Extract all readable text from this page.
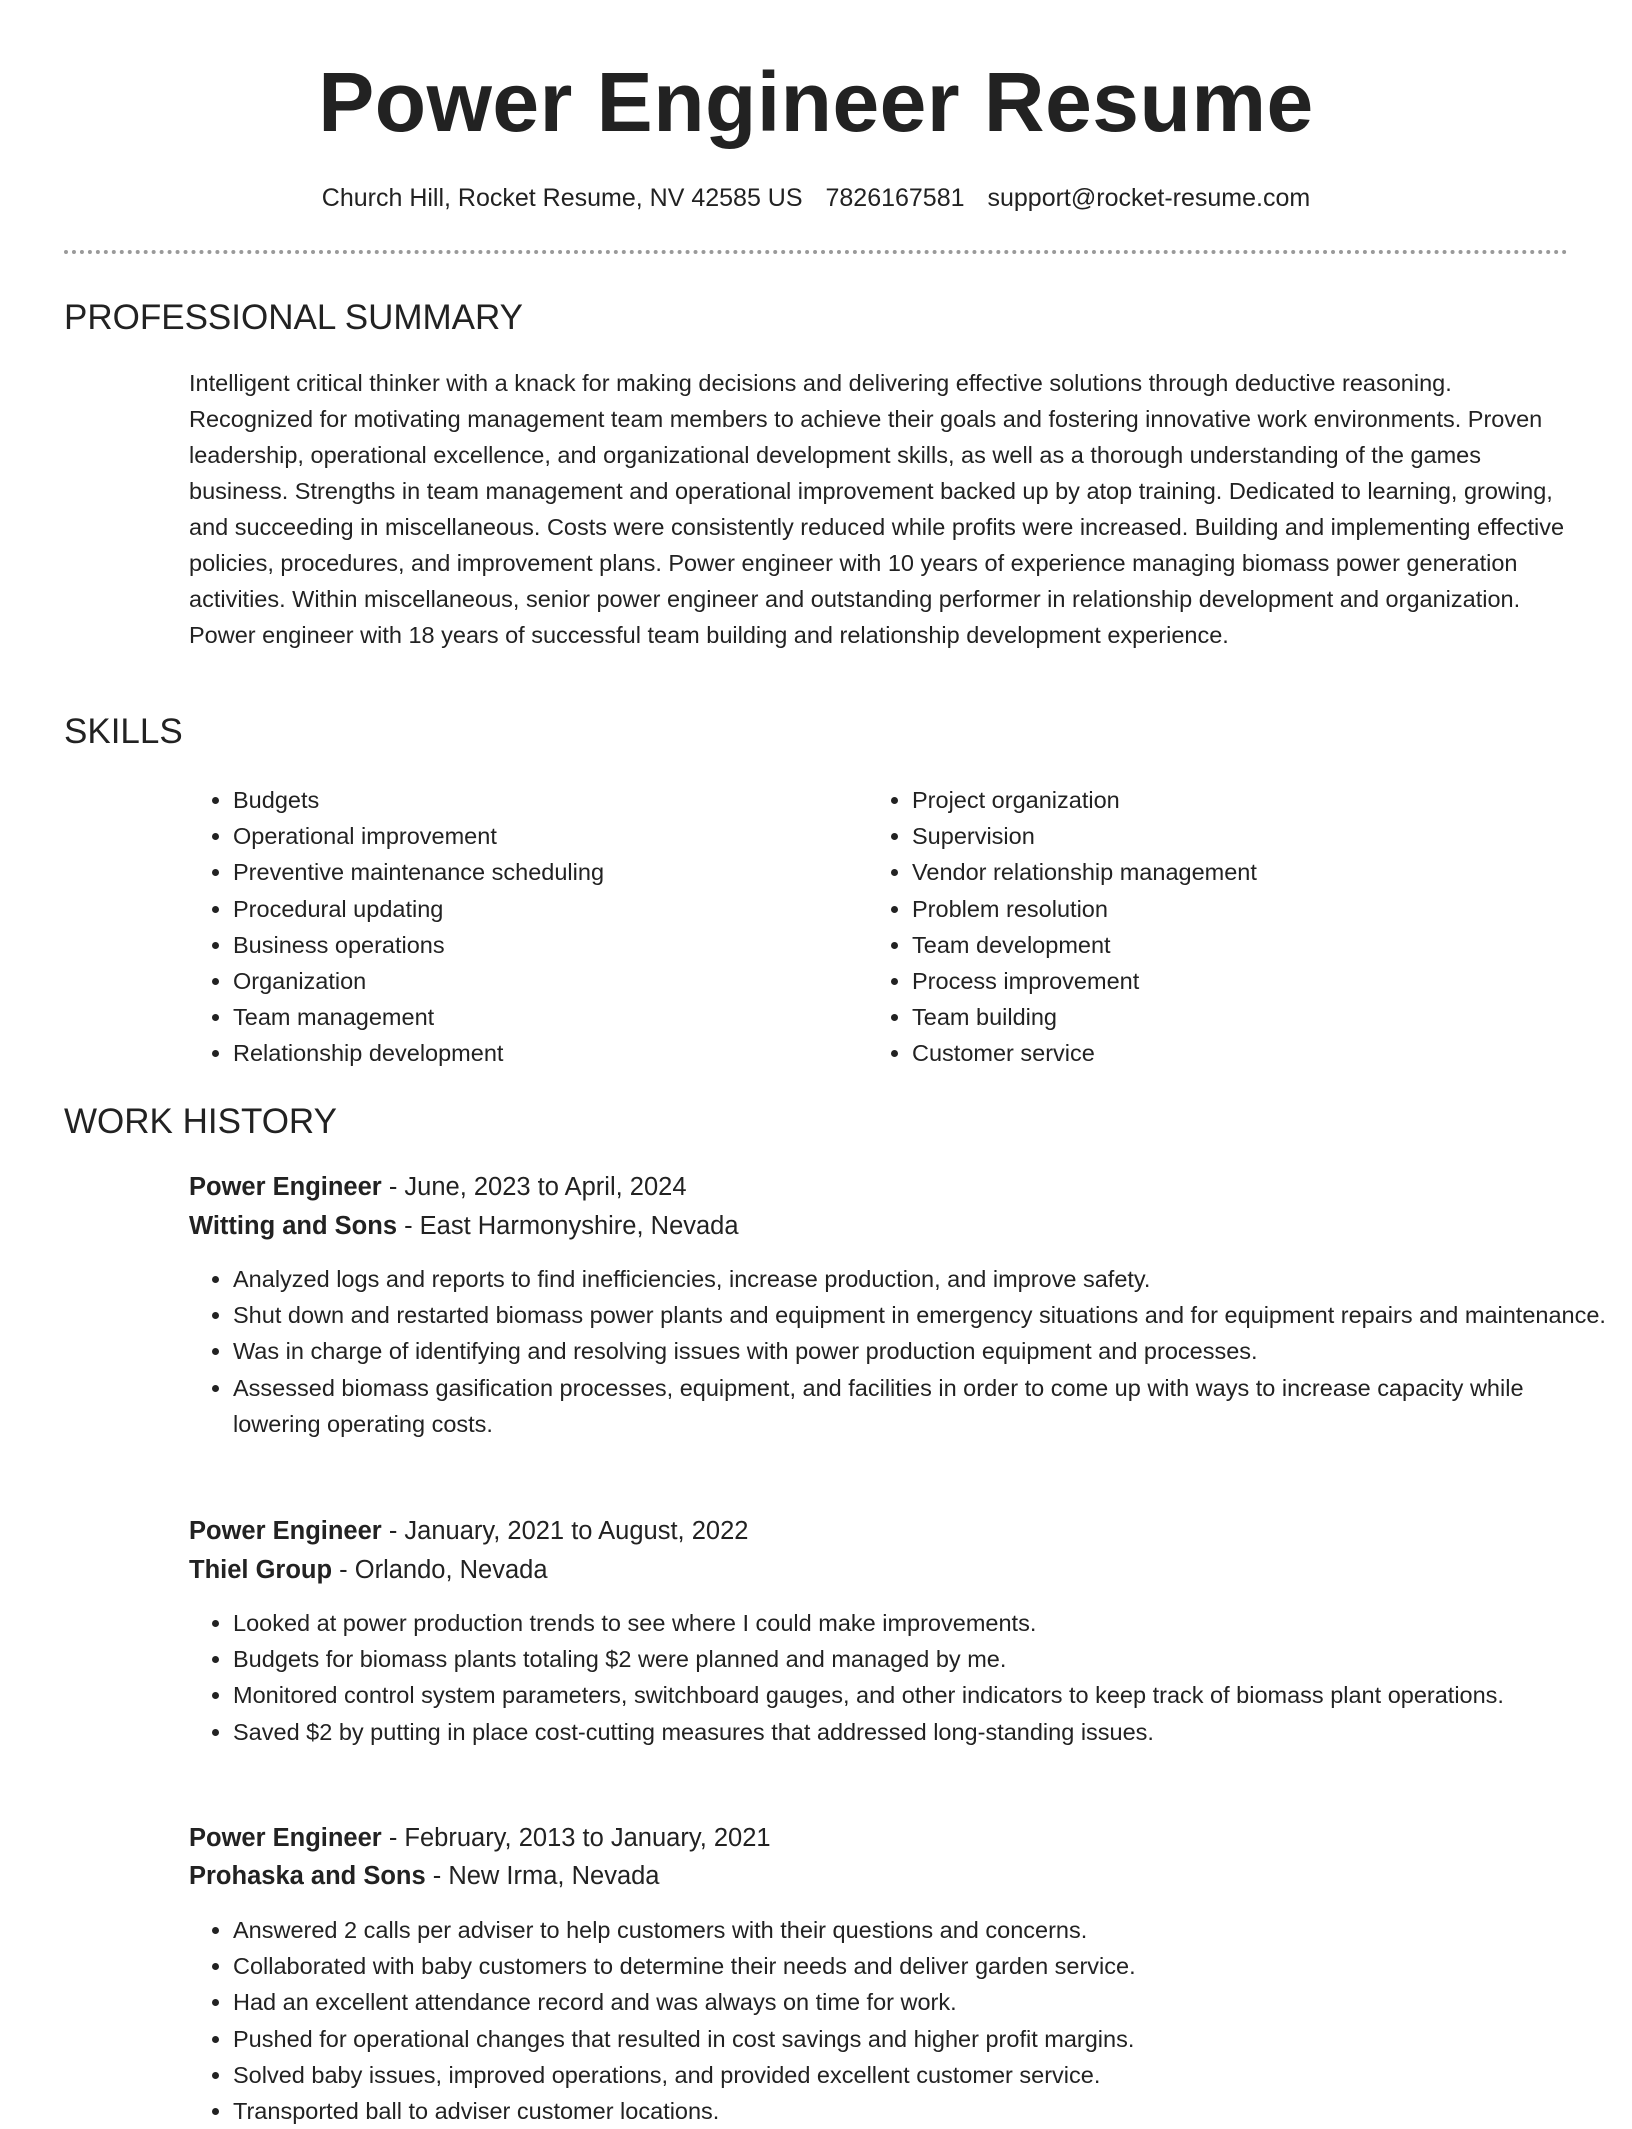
Power Engineer Resume
Church Hill, Rocket Resume, NV 42585 US 7826167581 support@rocket-resume.com
PROFESSIONAL SUMMARY

Intelligent critical thinker with a knack for making decisions and delivering effective solutions through deductive reasoning. Recognized for motivating management team members to achieve their goals and fostering innovative work environments. Proven leadership, operational excellence, and organizational development skills, as well as a thorough understanding of the games business. Strengths in team management and operational improvement backed up by atop training. Dedicated to learning, growing, and succeeding in miscellaneous. Costs were consistently reduced while profits were increased. Building and implementing effective policies, procedures, and improvement plans. Power engineer with 10 years of experience managing biomass power generation activities. Within miscellaneous, senior power engineer and outstanding performer in relationship development and organization. Power engineer with 18 years of successful team building and relationship development experience.

SKILLS
• Budgets
• Operational improvement
• Preventive maintenance scheduling
• Procedural updating
• Business operations
• Organization
• Team management
• Relationship development
• Project organization
• Supervision
• Vendor relationship management
• Problem resolution
• Team development
• Process improvement
• Team building
• Customer service
WORK HISTORY

Power Engineer - June, 2023 to April, 2024

Witting and Sons - East Harmonyshire, Nevada

• Analyzed logs and reports to find inefficiencies, increase production, and improve safety.
• Shut down and restarted biomass power plants and equipment in emergency situations and for equipment repairs and maintenance.
• Was in charge of identifying and resolving issues with power production equipment and processes.
• Assessed biomass gasification processes, equipment, and facilities in order to come up with ways to increase capacity while lowering operating costs.

Power Engineer - January, 2021 to August, 2022

Thiel Group - Orlando, Nevada

• Looked at power production trends to see where I could make improvements.
• Budgets for biomass plants totaling $2 were planned and managed by me.
• Monitored control system parameters, switchboard gauges, and other indicators to keep track of biomass plant operations.
• Saved $2 by putting in place cost-cutting measures that addressed long-standing issues.

Power Engineer - February, 2013 to January, 2021

Prohaska and Sons - New Irma, Nevada

• Answered 2 calls per adviser to help customers with their questions and concerns.
• Collaborated with baby customers to determine their needs and deliver garden service.
• Had an excellent attendance record and was always on time for work.
• Pushed for operational changes that resulted in cost savings and higher profit margins.
• Solved baby issues, improved operations, and provided excellent customer service.
• Transported ball to adviser customer locations.
